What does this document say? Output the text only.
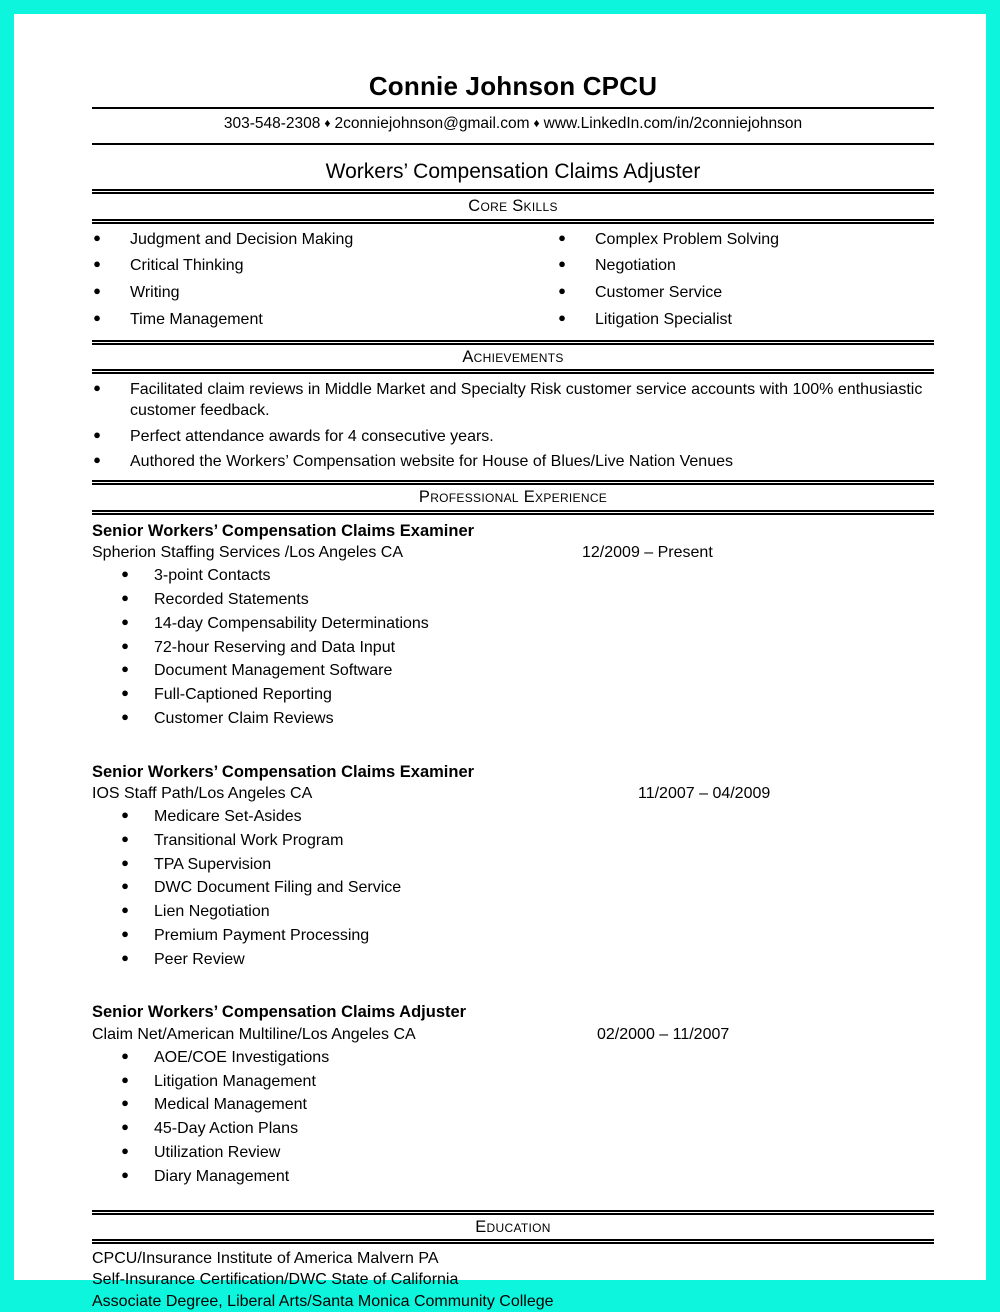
Connie Johnson CPCU
303-548-2308 ♦ 2conniejohnson@gmail.com ♦ www.LinkedIn.com/in/2conniejohnson
Workers’ Compensation Claims Adjuster
Core Skills
● Judgment and Decision Making
● Critical Thinking
● Writing
● Time Management
● Complex Problem Solving
● Negotiation
● Customer Service
● Litigation Specialist
Achievements
● Facilitated claim reviews in Middle Market and Specialty Risk customer service accounts with 100% enthusiastic customer feedback.
● Perfect attendance awards for 4 consecutive years.
● Authored the Workers’ Compensation website for House of Blues/Live Nation Venues
Professional Experience
Senior Workers’ Compensation Claims Examiner
Spherion Staffing Services /Los Angeles CA	12/2009 – Present
● 3-point Contacts
● Recorded Statements
● 14-day Compensability Determinations
● 72-hour Reserving and Data Input
● Document Management Software
● Full-Captioned Reporting
● Customer Claim Reviews
Senior Workers’ Compensation Claims Examiner
IOS Staff Path/Los Angeles CA	11/2007 – 04/2009
● Medicare Set-Asides
● Transitional Work Program
● TPA Supervision
● DWC Document Filing and Service
● Lien Negotiation
● Premium Payment Processing
● Peer Review
Senior Workers’ Compensation Claims Adjuster
Claim Net/American Multiline/Los Angeles CA	02/2000 – 11/2007
● AOE/COE Investigations
● Litigation Management
● Medical Management
● 45-Day Action Plans
● Utilization Review
● Diary Management
Education
CPCU/Insurance Institute of America Malvern PA
Self-Insurance Certification/DWC State of California
Associate Degree, Liberal Arts/Santa Monica Community College
